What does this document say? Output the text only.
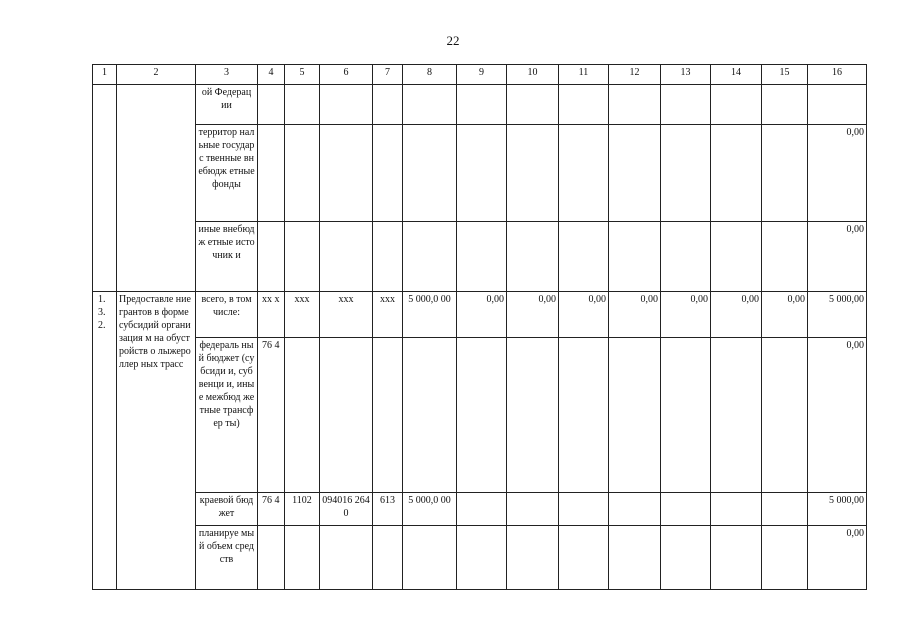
22
1	2	3	4	5	6	7	8	9	10	11	12	13	14	15	16
		ой Федерац ии													
		территор нальные государс твенные внебюдж етные фонды													0,00
		иные внебюдж етные источник и													0,00
1. 3. 2.	Предоставле ние грантов в форме субсидий организация м на обустройств о лыжероллер ных трасс	всего, в том числе:	хх х	ххх	ххх	ххх	5 000,0 00	0,00	0,00	0,00	0,00	0,00	0,00	0,00	5 000,00
		федераль ный бюджет (субсиди и, субвенци и, иные межбюд жетные трансфер ты)	76 4												0,00
		краевой бюджет	76 4	1102	094016 2640	613	5 000,0 00								5 000,00
		планируе мый объем средств													0,00
